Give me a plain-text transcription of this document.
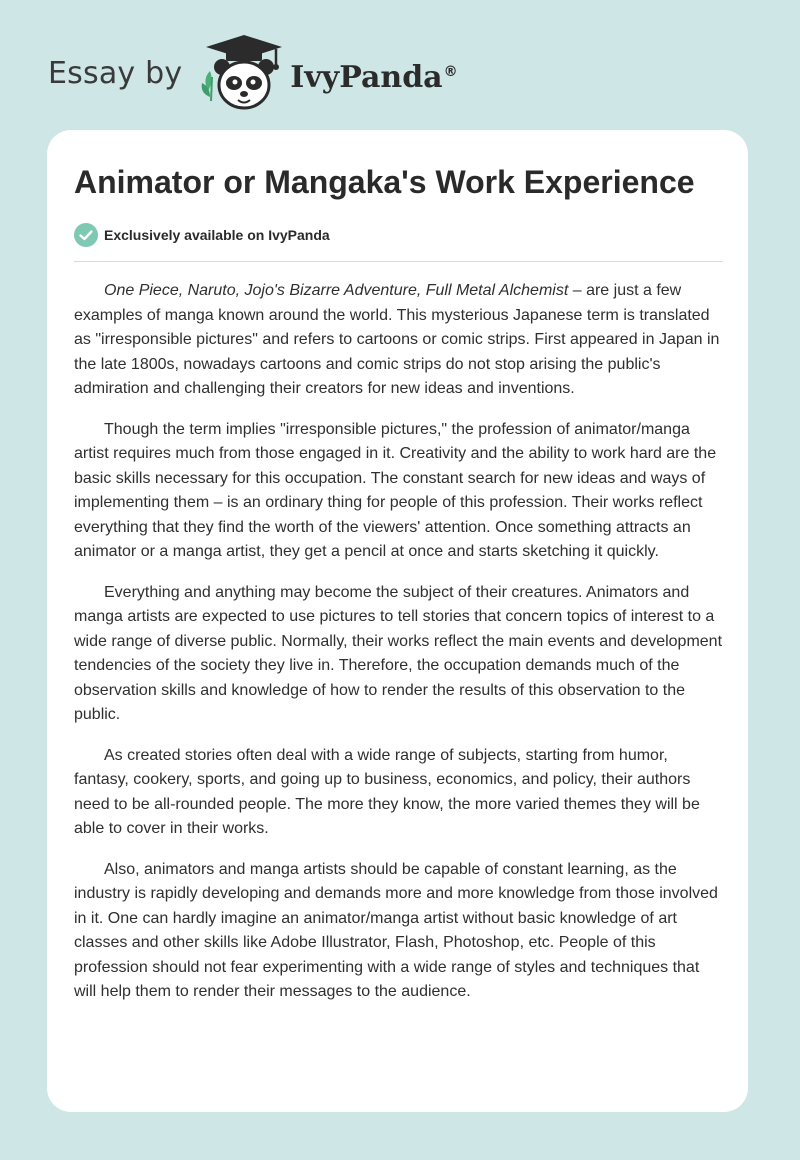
Essay by	IvyPanda®
Animator or Mangaka's Work Experience
Exclusively available on IvyPanda

One Piece, Naruto, Jojo's Bizarre Adventure, Full Metal Alchemist – are just a few examples of manga known around the world. This mysterious Japanese term is translated as "irresponsible pictures" and refers to cartoons or comic strips. First appeared in Japan in the late 1800s, nowadays cartoons and comic strips do not stop arising the public's admiration and challenging their creators for new ideas and inventions.

Though the term implies "irresponsible pictures," the profession of animator/manga artist requires much from those engaged in it. Creativity and the ability to work hard are the basic skills necessary for this occupation. The constant search for new ideas and ways of implementing them – is an ordinary thing for people of this profession. Their works reflect everything that they find the worth of the viewers' attention. Once something attracts an animator or a manga artist, they get a pencil at once and starts sketching it quickly.

Everything and anything may become the subject of their creatures. Animators and manga artists are expected to use pictures to tell stories that concern topics of interest to a wide range of diverse public. Normally, their works reflect the main events and development tendencies of the society they live in. Therefore, the occupation demands much of the observation skills and knowledge of how to render the results of this observation to the public.

As created stories often deal with a wide range of subjects, starting from humor, fantasy, cookery, sports, and going up to business, economics, and policy, their authors need to be all-rounded people. The more they know, the more varied themes they will be able to cover in their works.

Also, animators and manga artists should be capable of constant learning, as the industry is rapidly developing and demands more and more knowledge from those involved in it. One can hardly imagine an animator/manga artist without basic knowledge of art classes and other skills like Adobe Illustrator, Flash, Photoshop, etc. People of this profession should not fear experimenting with a wide range of styles and techniques that will help them to render their messages to the audience.
